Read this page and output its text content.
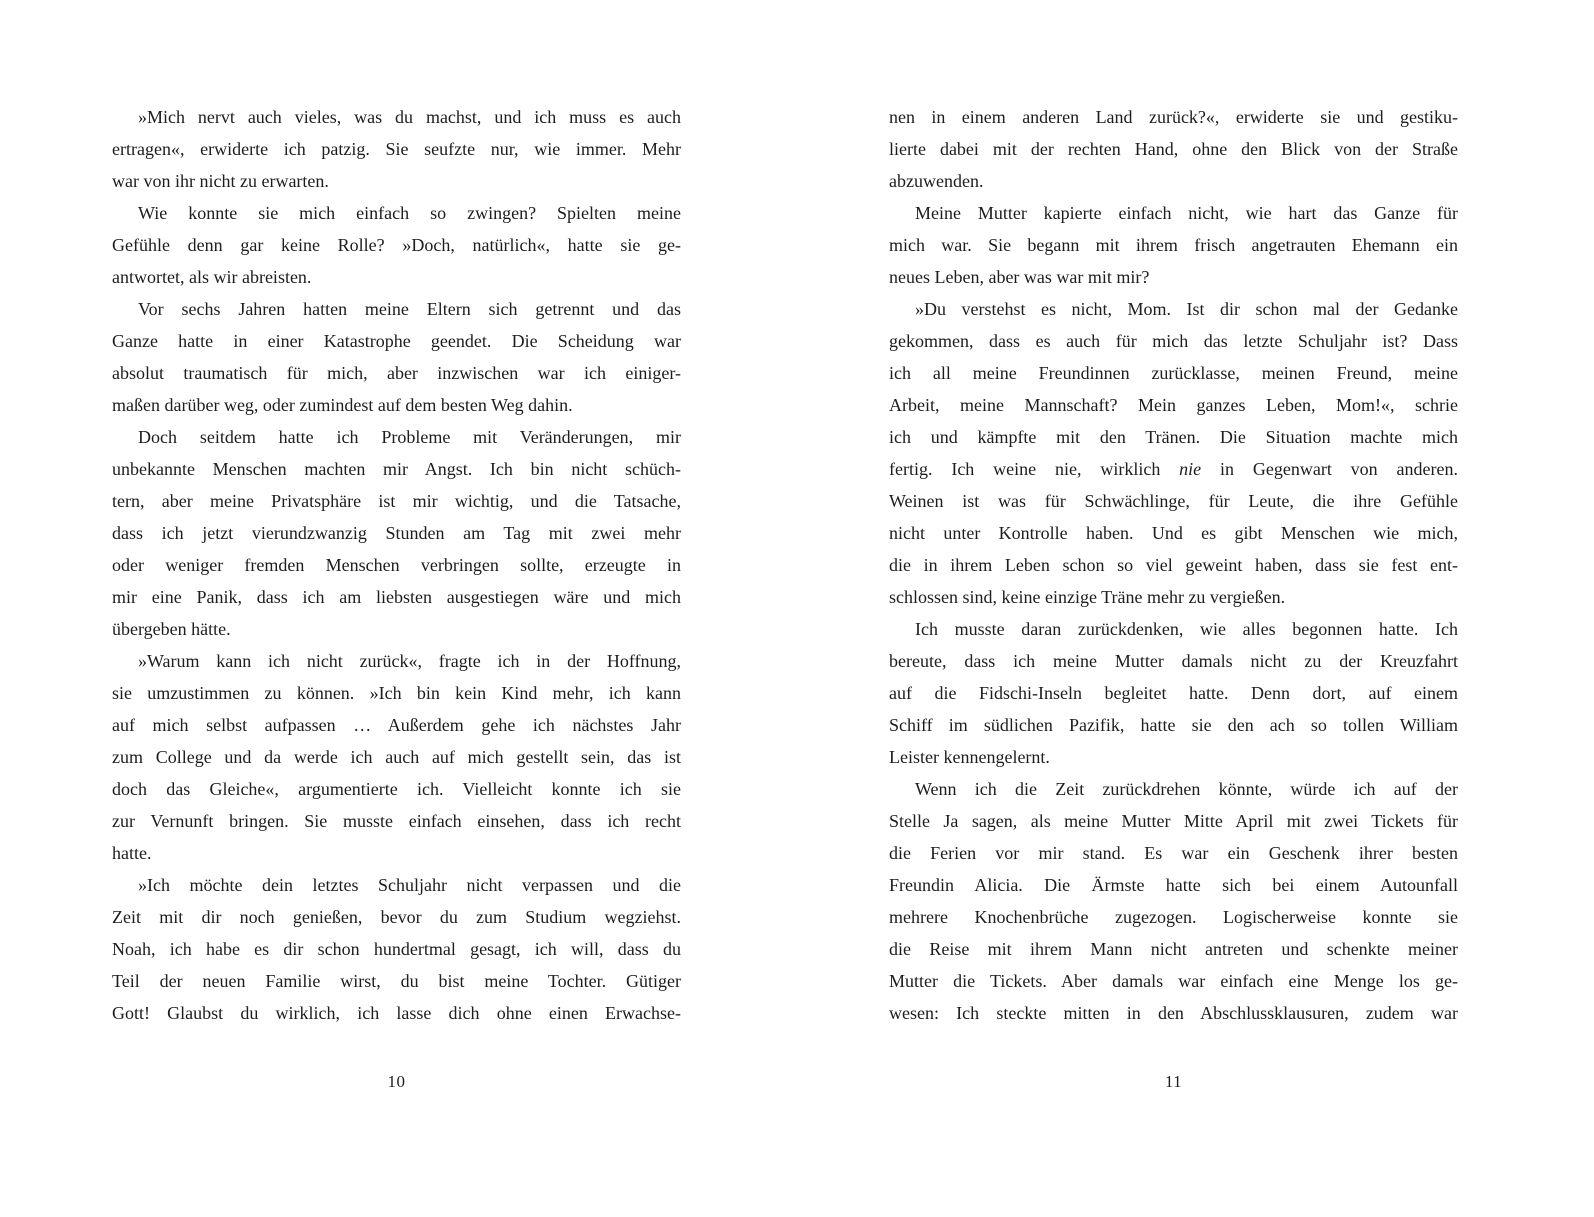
»Mich nervt auch vieles, was du machst, und ich muss es auch
ertragen«, erwiderte ich patzig. Sie seufzte nur, wie immer. Mehr
war von ihr nicht zu erwarten.
Wie konnte sie mich einfach so zwingen? Spielten meine
Gefühle denn gar keine Rolle? »Doch, natürlich«, hatte sie ge-
antwortet, als wir abreisten.
Vor sechs Jahren hatten meine Eltern sich getrennt und das
Ganze hatte in einer Katastrophe geendet. Die Scheidung war
absolut traumatisch für mich, aber inzwischen war ich einiger-
maßen darüber weg, oder zumindest auf dem besten Weg dahin.
Doch seitdem hatte ich Probleme mit Veränderungen, mir
unbekannte Menschen machten mir Angst. Ich bin nicht schüch-
tern, aber meine Privatsphäre ist mir wichtig, und die Tatsache,
dass ich jetzt vierundzwanzig Stunden am Tag mit zwei mehr
oder weniger fremden Menschen verbringen sollte, erzeugte in
mir eine Panik, dass ich am liebsten ausgestiegen wäre und mich
übergeben hätte.
»Warum kann ich nicht zurück«, fragte ich in der Hoffnung,
sie umzustimmen zu können. »Ich bin kein Kind mehr, ich kann
auf mich selbst aufpassen … Außerdem gehe ich nächstes Jahr
zum College und da werde ich auch auf mich gestellt sein, das ist
doch das Gleiche«, argumentierte ich. Vielleicht konnte ich sie
zur Vernunft bringen. Sie musste einfach einsehen, dass ich recht
hatte.
»Ich möchte dein letztes Schuljahr nicht verpassen und die
Zeit mit dir noch genießen, bevor du zum Studium wegziehst.
Noah, ich habe es dir schon hundertmal gesagt, ich will, dass du
Teil der neuen Familie wirst, du bist meine Tochter. Gütiger
Gott! Glaubst du wirklich, ich lasse dich ohne einen Erwachse-
nen in einem anderen Land zurück?«, erwiderte sie und gestiku-
lierte dabei mit der rechten Hand, ohne den Blick von der Straße
abzuwenden.
Meine Mutter kapierte einfach nicht, wie hart das Ganze für
mich war. Sie begann mit ihrem frisch angetrauten Ehemann ein
neues Leben, aber was war mit mir?
»Du verstehst es nicht, Mom. Ist dir schon mal der Gedanke
gekommen, dass es auch für mich das letzte Schuljahr ist? Dass
ich all meine Freundinnen zurücklasse, meinen Freund, meine
Arbeit, meine Mannschaft? Mein ganzes Leben, Mom!«, schrie
ich und kämpfte mit den Tränen. Die Situation machte mich
fertig. Ich weine nie, wirklich nie in Gegenwart von anderen.
Weinen ist was für Schwächlinge, für Leute, die ihre Gefühle
nicht unter Kontrolle haben. Und es gibt Menschen wie mich,
die in ihrem Leben schon so viel geweint haben, dass sie fest ent-
schlossen sind, keine einzige Träne mehr zu vergießen.
Ich musste daran zurückdenken, wie alles begonnen hatte. Ich
bereute, dass ich meine Mutter damals nicht zu der Kreuzfahrt
auf die Fidschi-Inseln begleitet hatte. Denn dort, auf einem
Schiff im südlichen Pazifik, hatte sie den ach so tollen William
Leister kennengelernt.
Wenn ich die Zeit zurückdrehen könnte, würde ich auf der
Stelle Ja sagen, als meine Mutter Mitte April mit zwei Tickets für
die Ferien vor mir stand. Es war ein Geschenk ihrer besten
Freundin Alicia. Die Ärmste hatte sich bei einem Autounfall
mehrere Knochenbrüche zugezogen. Logischerweise konnte sie
die Reise mit ihrem Mann nicht antreten und schenkte meiner
Mutter die Tickets. Aber damals war einfach eine Menge los ge-
wesen: Ich steckte mitten in den Abschlussklausuren, zudem war
10	11
